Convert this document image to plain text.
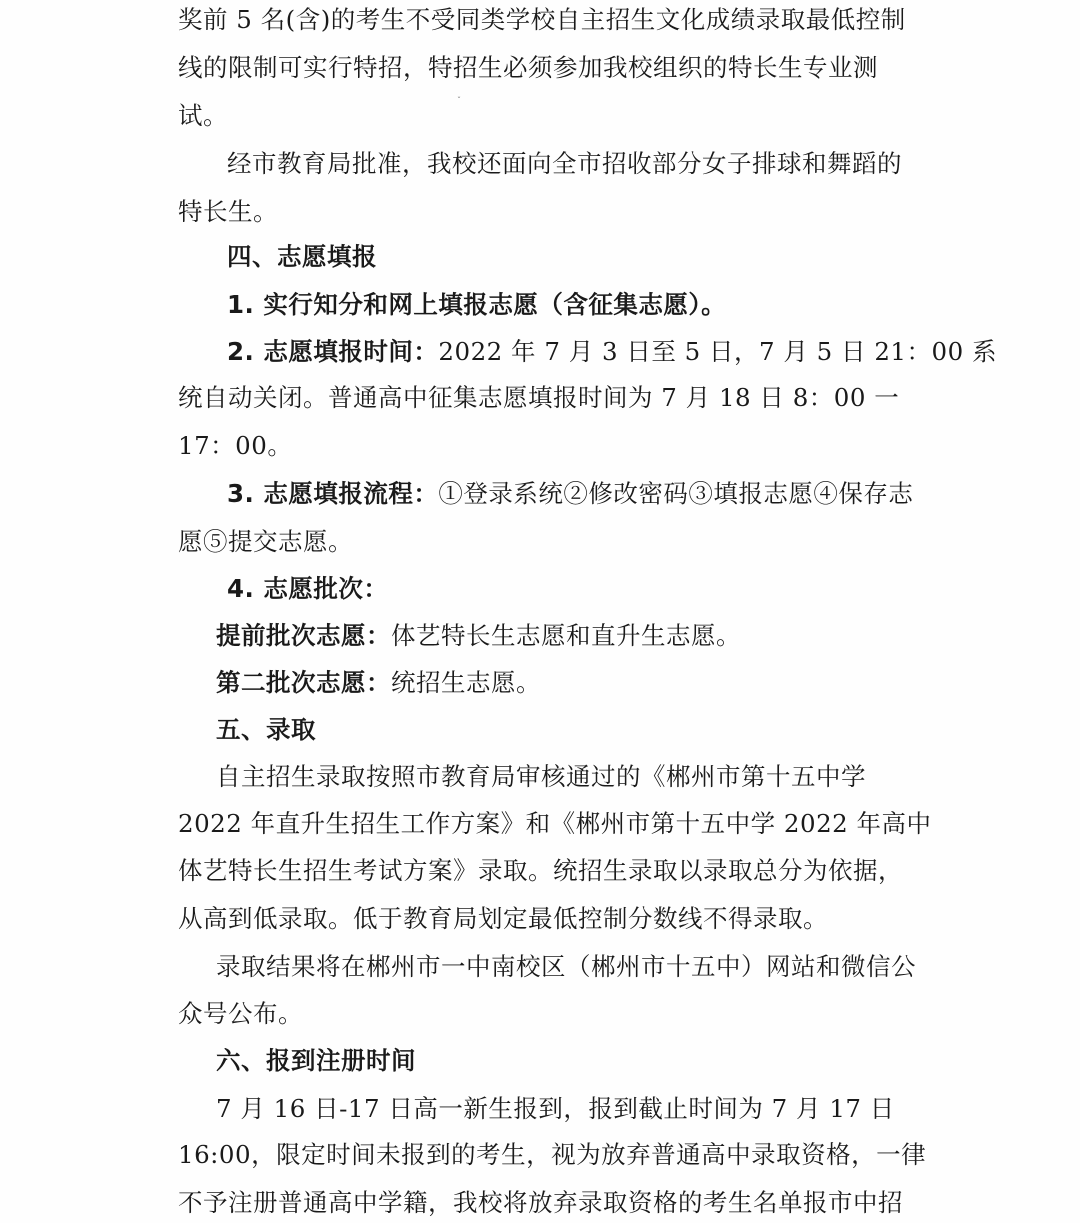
ˇ
奖前 5 名(含)的考生不受同类学校自主招生文化成绩录取最低控制
线的限制可实行特招，特招生必须参加我校组织的特长生专业测
试。
经市教育局批准，我校还面向全市招收部分女子排球和舞蹈的
特长生。
四、志愿填报
1. 实行知分和网上填报志愿（含征集志愿）。
2. 志愿填报时间：2022 年 7 月 3 日至 5 日，7 月 5 日 21：00 系
统自动关闭。普通高中征集志愿填报时间为 7 月 18 日 8：00 一
17：00。
3. 志愿填报流程：①登录系统②修改密码③填报志愿④保存志
愿⑤提交志愿。
4. 志愿批次：
提前批次志愿：体艺特长生志愿和直升生志愿。
第二批次志愿：统招生志愿。
五、录取
自主招生录取按照市教育局审核通过的《郴州市第十五中学
2022 年直升生招生工作方案》和《郴州市第十五中学 2022 年高中
体艺特长生招生考试方案》录取。统招生录取以录取总分为依据，
从高到低录取。低于教育局划定最低控制分数线不得录取。
录取结果将在郴州市一中南校区（郴州市十五中）网站和微信公
众号公布。
六、报到注册时间
7 月 16 日-17 日高一新生报到，报到截止时间为 7 月 17 日
16:00，限定时间未报到的考生，视为放弃普通高中录取资格，一律
不予注册普通高中学籍，我校将放弃录取资格的考生名单报市中招
